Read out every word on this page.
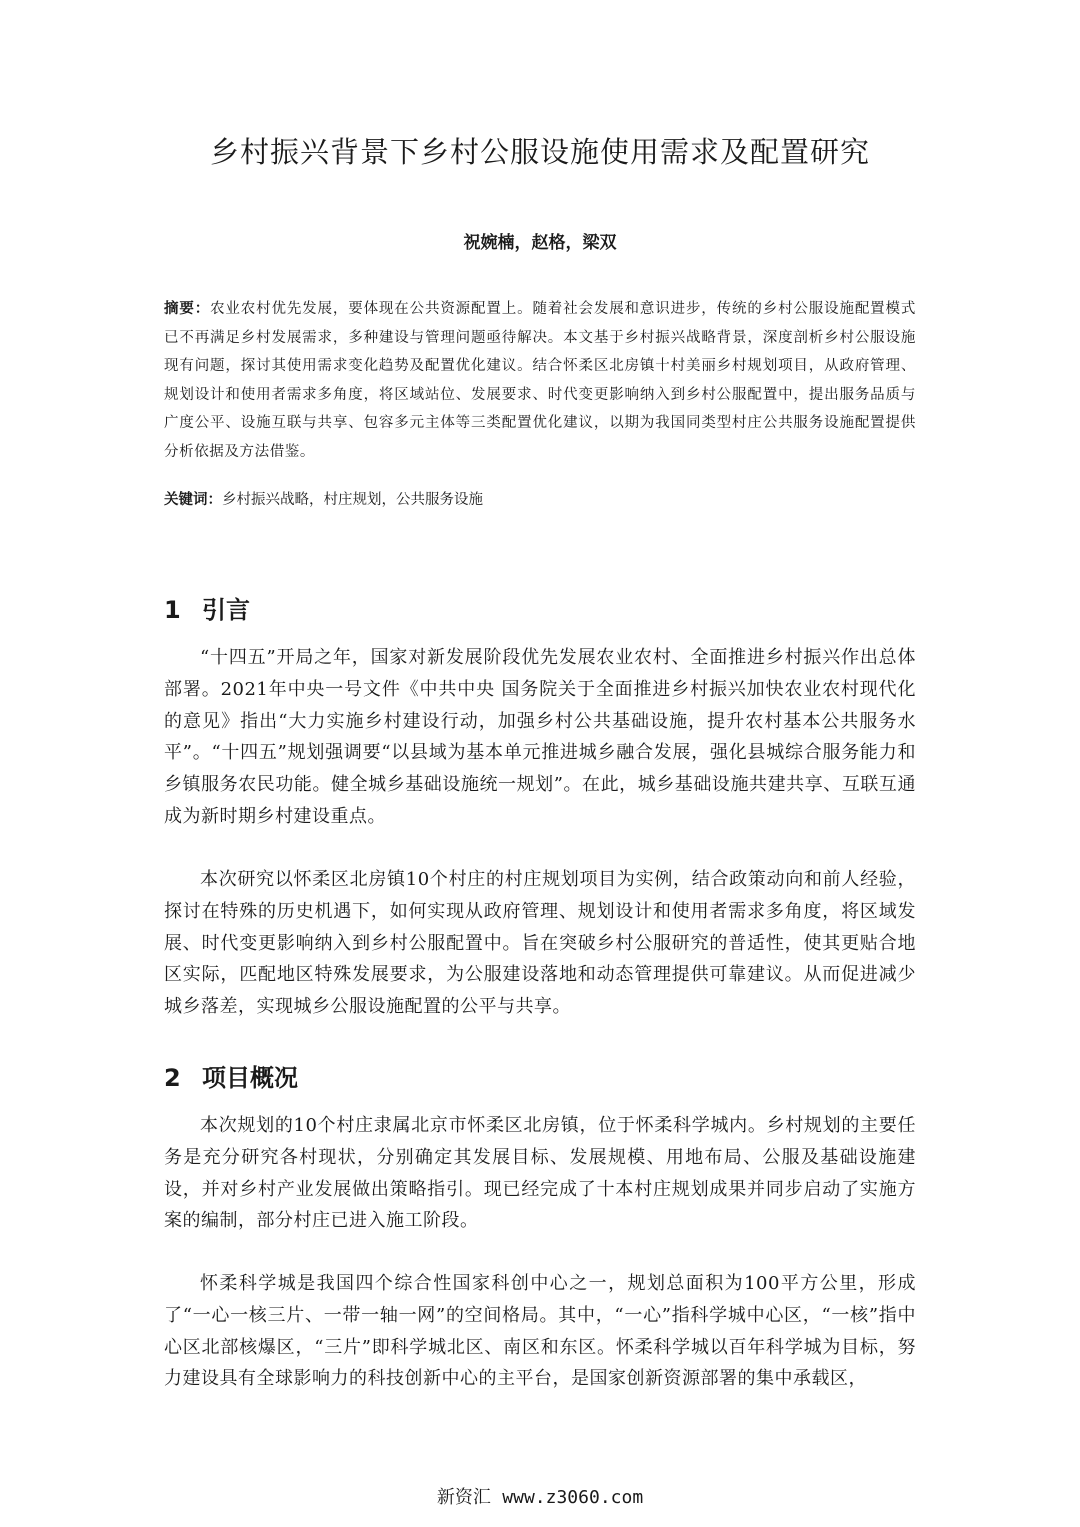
乡村振兴背景下乡村公服设施使用需求及配置研究
祝婉楠，赵格，梁双
摘要：农业农村优先发展，要体现在公共资源配置上。随着社会发展和意识进步，传统的乡村公服设施配置模式已不再满足乡村发展需求，多种建设与管理问题亟待解决。本文基于乡村振兴战略背景，深度剖析乡村公服设施现有问题，探讨其使用需求变化趋势及配置优化建议。结合怀柔区北房镇十村美丽乡村规划项目，从政府管理、规划设计和使用者需求多角度，将区域站位、发展要求、时代变更影响纳入到乡村公服配置中，提出服务品质与广度公平、设施互联与共享、包容多元主体等三类配置优化建议，以期为我国同类型村庄公共服务设施配置提供分析依据及方法借鉴。
关键词：乡村振兴战略，村庄规划，公共服务设施
1 引言
“十四五”开局之年，国家对新发展阶段优先发展农业农村、全面推进乡村振兴作出总体部署。2021年中央一号文件《中共中央 国务院关于全面推进乡村振兴加快农业农村现代化的意见》指出“大力实施乡村建设行动，加强乡村公共基础设施，提升农村基本公共服务水平”。“十四五”规划强调要“以县域为基本单元推进城乡融合发展，强化县城综合服务能力和乡镇服务农民功能。健全城乡基础设施统一规划”。在此，城乡基础设施共建共享、互联互通成为新时期乡村建设重点。
本次研究以怀柔区北房镇10个村庄的村庄规划项目为实例，结合政策动向和前人经验，探讨在特殊的历史机遇下，如何实现从政府管理、规划设计和使用者需求多角度，将区域发展、时代变更影响纳入到乡村公服配置中。旨在突破乡村公服研究的普适性，使其更贴合地区实际，匹配地区特殊发展要求，为公服建设落地和动态管理提供可靠建议。从而促进减少城乡落差，实现城乡公服设施配置的公平与共享。
2 项目概况
本次规划的10个村庄隶属北京市怀柔区北房镇，位于怀柔科学城内。乡村规划的主要任务是充分研究各村现状，分别确定其发展目标、发展规模、用地布局、公服及基础设施建设，并对乡村产业发展做出策略指引。现已经完成了十本村庄规划成果并同步启动了实施方案的编制，部分村庄已进入施工阶段。
怀柔科学城是我国四个综合性国家科创中心之一，规划总面积为100平方公里，形成了“一心一核三片、一带一轴一网”的空间格局。其中，“一心”指科学城中心区，“一核”指中心区北部核爆区，“三片”即科学城北区、南区和东区。怀柔科学城以百年科学城为目标，努力建设具有全球影响力的科技创新中心的主平台，是国家创新资源部署的集中承载区，
新资汇 www.z3060.com
